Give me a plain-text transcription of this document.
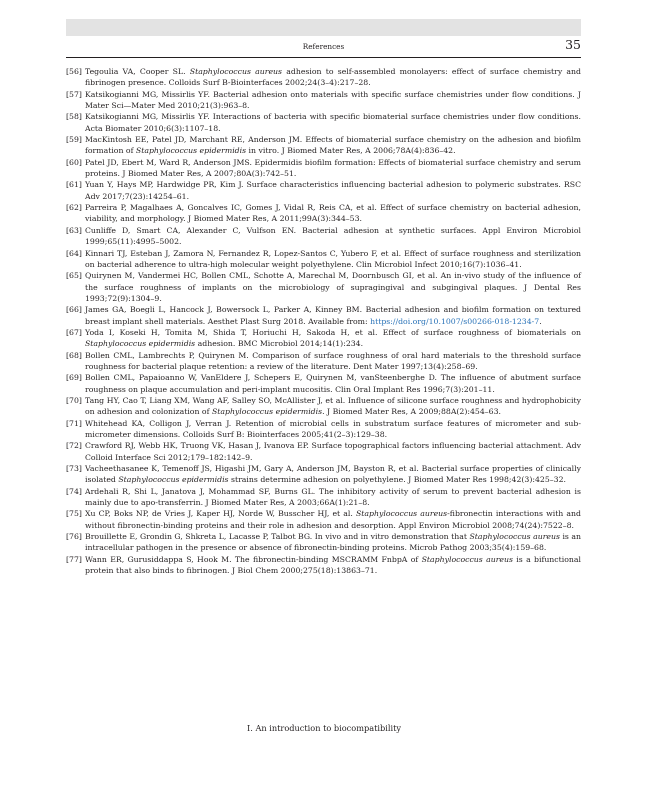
References	35
[56] Tegoulia VA, Cooper SL. Staphylococcus aureus adhesion to self-assembled monolayers: effect of surface chemistry and fibrinogen presence. Colloids Surf B-Biointerfaces 2002;24(3–4):217–28.
[57] Katsikogianni MG, Missirlis YF. Bacterial adhesion onto materials with specific surface chemistries under flow conditions. J Mater Sci—Mater Med 2010;21(3):963–8.
[58] Katsikogianni MG, Missirlis YF. Interactions of bacteria with specific biomaterial surface chemistries under flow conditions. Acta Biomater 2010;6(3):1107–18.
[59] MacKintosh EE, Patel JD, Marchant RE, Anderson JM. Effects of biomaterial surface chemistry on the adhesion and biofilm formation of Staphylococcus epidermidis in vitro. J Biomed Mater Res, A 2006;78A(4):836–42.
[60] Patel JD, Ebert M, Ward R, Anderson JMS. Epidermidis biofilm formation: Effects of biomaterial surface chemistry and serum proteins. J Biomed Mater Res, A 2007;80A(3):742–51.
[61] Yuan Y, Hays MP, Hardwidge PR, Kim J. Surface characteristics influencing bacterial adhesion to polymeric substrates. RSC Adv 2017;7(23):14254–61.
[62] Parreira P, Magalhaes A, Goncalves IC, Gomes J, Vidal R, Reis CA, et al. Effect of surface chemistry on bacterial adhesion, viability, and morphology. J Biomed Mater Res, A 2011;99A(3):344–53.
[63] Cunliffe D, Smart CA, Alexander C, Vulfson EN. Bacterial adhesion at synthetic surfaces. Appl Environ Microbiol 1999;65(11):4995–5002.
[64] Kinnari TJ, Esteban J, Zamora N, Fernandez R, Lopez-Santos C, Yubero F, et al. Effect of surface roughness and sterilization on bacterial adherence to ultra-high molecular weight polyethylene. Clin Microbiol Infect 2010;16(7):1036–41.
[65] Quirynen M, Vandermei HC, Bollen CML, Schotte A, Marechal M, Doornbusch GI, et al. An in-vivo study of the influence of the surface roughness of implants on the microbiology of supragingival and subgingival plaques. J Dental Res 1993;72(9):1304–9.
[66] James GA, Boegli L, Hancock J, Bowersock L, Parker A, Kinney BM. Bacterial adhesion and biofilm formation on textured breast implant shell materials. Aesthet Plast Surg 2018. Available from: https://doi.org/10.1007/s00266-018-1234-7.
[67] Yoda I, Koseki H, Tomita M, Shida T, Horiuchi H, Sakoda H, et al. Effect of surface roughness of biomaterials on Staphylococcus epidermidis adhesion. BMC Microbiol 2014;14(1):234.
[68] Bollen CML, Lambrechts P, Quirynen M. Comparison of surface roughness of oral hard materials to the threshold surface roughness for bacterial plaque retention: a review of the literature. Dent Mater 1997;13(4):258–69.
[69] Bollen CML, Papaioanno W, VanEldere J, Schepers E, Quirynen M, vanSteenberghe D. The influence of abutment surface roughness on plaque accumulation and peri-implant mucositis. Clin Oral Implant Res 1996;7(3):201–11.
[70] Tang HY, Cao T, Liang XM, Wang AF, Salley SO, McAllister J, et al. Influence of silicone surface roughness and hydrophobicity on adhesion and colonization of Staphylococcus epidermidis. J Biomed Mater Res, A 2009;88A(2):454–63.
[71] Whitehead KA, Colligon J, Verran J. Retention of microbial cells in substratum surface features of micrometer and sub-micrometer dimensions. Colloids Surf B: Biointerfaces 2005;41(2–3):129–38.
[72] Crawford RJ, Webb HK, Truong VK, Hasan J, Ivanova EP. Surface topographical factors influencing bacterial attachment. Adv Colloid Interface Sci 2012;179–182:142–9.
[73] Vacheethasanee K, Temenoff JS, Higashi JM, Gary A, Anderson JM, Bayston R, et al. Bacterial surface properties of clinically isolated Staphylococcus epidermidis strains determine adhesion on polyethylene. J Biomed Mater Res 1998;42(3):425–32.
[74] Ardehali R, Shi L, Janatova J, Mohammad SF, Burns GL. The inhibitory activity of serum to prevent bacterial adhesion is mainly due to apo-transferrin. J Biomed Mater Res, A 2003;66A(1):21–8.
[75] Xu CP, Boks NP, de Vries J, Kaper HJ, Norde W, Busscher HJ, et al. Staphylococcus aureus-fibronectin interactions with and without fibronectin-binding proteins and their role in adhesion and desorption. Appl Environ Microbiol 2008;74(24):7522–8.
[76] Brouillette E, Grondin G, Shkreta L, Lacasse P, Talbot BG. In vivo and in vitro demonstration that Staphylococcus aureus is an intracellular pathogen in the presence or absence of fibronectin-binding proteins. Microb Pathog 2003;35(4):159–68.
[77] Wann ER, Gurusiddappa S, Hook M. The fibronectin-binding MSCRAMM FnbpA of Staphylococcus aureus is a bifunctional protein that also binds to fibrinogen. J Biol Chem 2000;275(18):13863–71.
I. An introduction to biocompatibility
